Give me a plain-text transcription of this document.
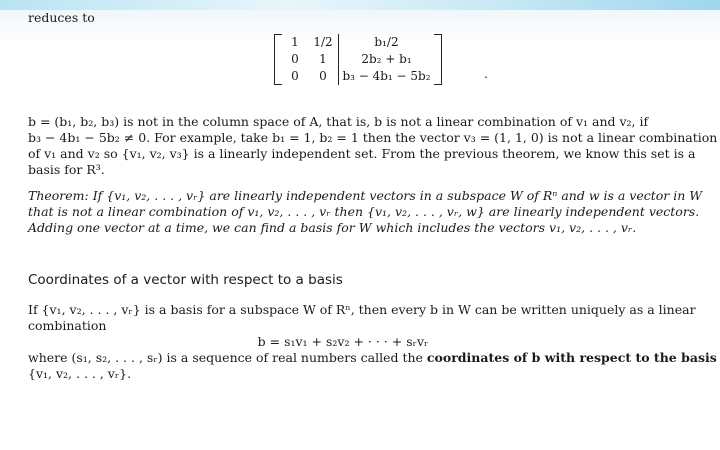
reduces to
1	1/2	b₁/2
0	1	2b₂ + b₁
0	0	b₃ − 4b₁ − 5b₂	.
b = (b₁, b₂, b₃) is not in the column space of A, that is, b is not a linear combination of v₁ and v₂, if
b₃ − 4b₁ − 5b₂ ≠ 0. For example, take b₁ = 1, b₂ = 1 then the vector v₃ = (1, 1, 0) is not a linear combination
of v₁ and v₂ so {v₁, v₂, v₃} is a linearly independent set. From the previous theorem, we know this set is a
basis for R³.
Theorem: If {v₁, v₂, . . . , vᵣ} are linearly independent vectors in a subspace W of Rⁿ and w is a vector in W
that is not a linear combination of v₁, v₂, . . . , vᵣ then {v₁, v₂, . . . , vᵣ, w} are linearly independent vectors.
Adding one vector at a time, we can find a basis for W which includes the vectors v₁, v₂, . . . , vᵣ.
Coordinates of a vector with respect to a basis
If {v₁, v₂, . . . , vᵣ} is a basis for a subspace W of Rⁿ, then every b in W can be written uniquely as a linear
combination
b = s₁v₁ + s₂v₂ + · · · + sᵣvᵣ
where (s₁, s₂, . . . , sᵣ) is a sequence of real numbers called the coordinates of b with respect to the basis
{v₁, v₂, . . . , vᵣ}.
